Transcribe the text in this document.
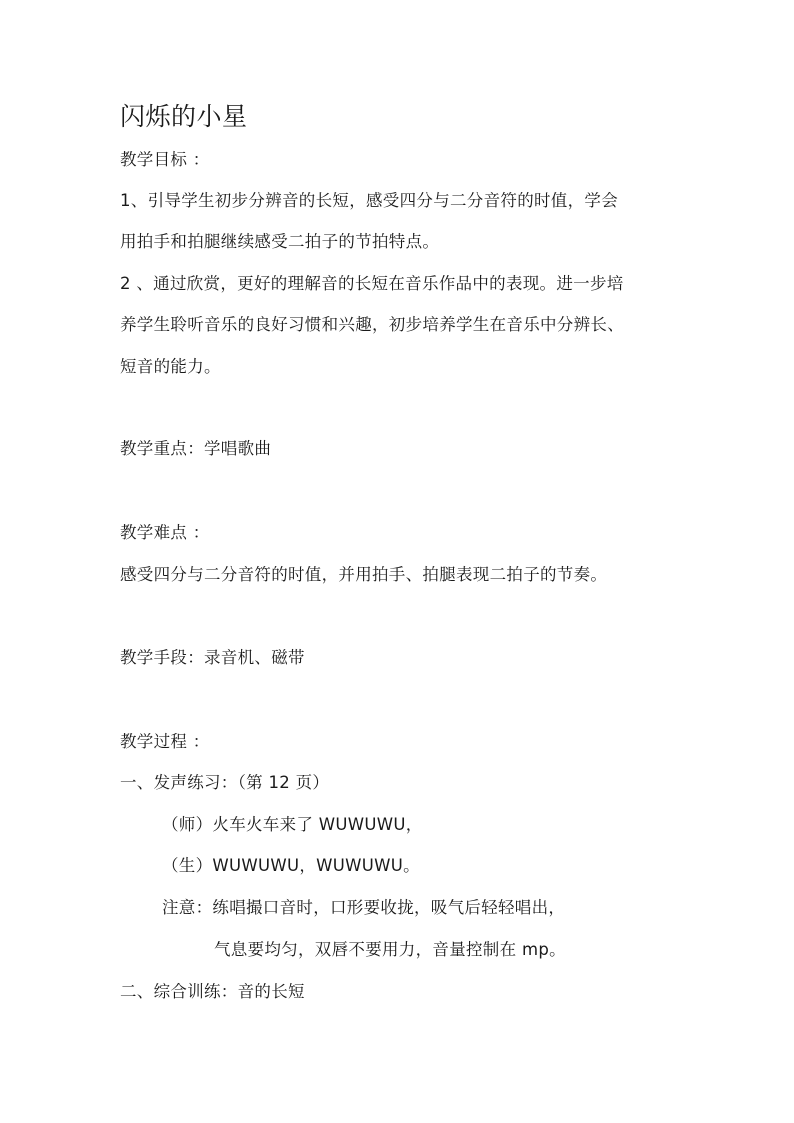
闪烁的小星
教学目标 ：
1、引导学生初步分辨音的长短，感受四分与二分音符的时值，学会
用拍手和拍腿继续感受二拍子的节拍特点。
2 、通过欣赏，更好的理解音的长短在音乐作品中的表现。进一步培
养学生聆听音乐的良好习惯和兴趣，初步培养学生在音乐中分辨长、
短音的能力。
教学重点：学唱歌曲
教学难点 ：
感受四分与二分音符的时值，并用拍手、拍腿表现二拍子的节奏。
教学手段：录音机、磁带
教学过程 ：
一、发声练习：（第 12 页）
（师）火车火车来了 WUWUWU，
（生）WUWUWU，WUWUWU。
注意：练唱撮口音时，口形要收拢，吸气后轻轻唱出，
气息要均匀，双唇不要用力，音量控制在 mp。
二、综合训练：音的长短
